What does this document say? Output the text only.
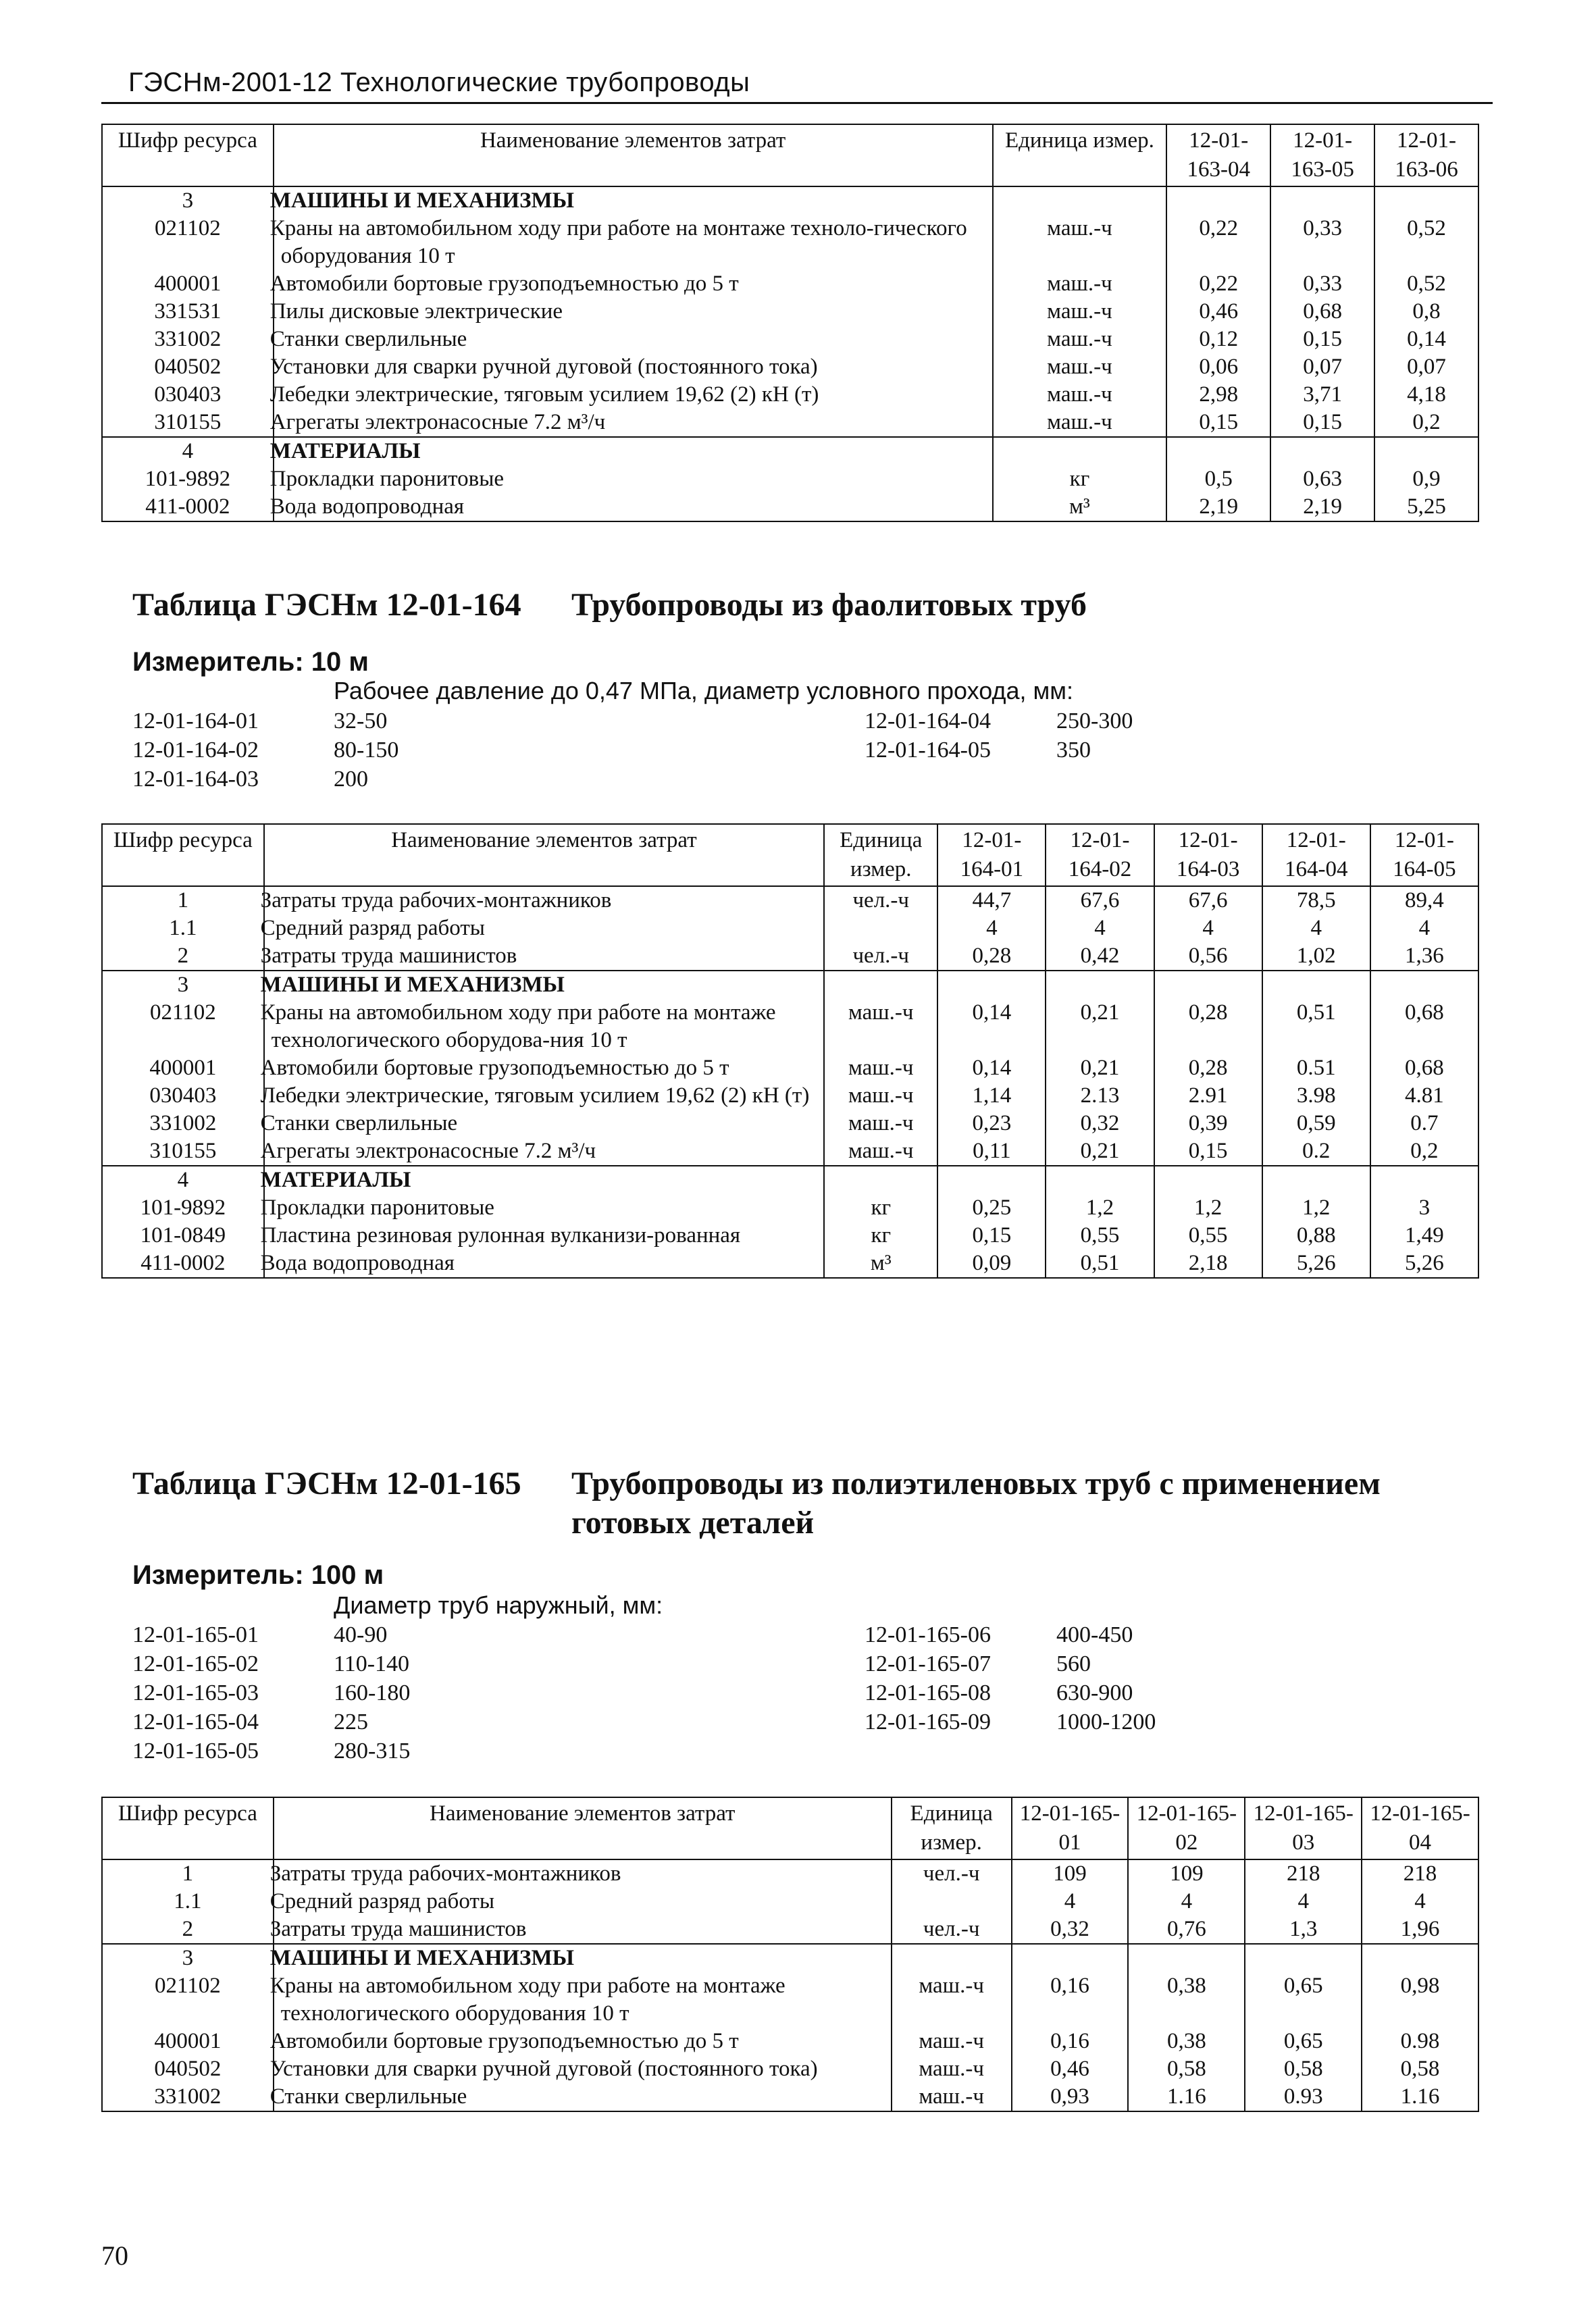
ГЭСНм-2001-12 Технологические трубопроводы
Шифр ресурса	Наименование элементов затрат	Единица измер.	12-01-163-04	12-01-163-05	12-01-163-06
3	МАШИНЫ И МЕХАНИЗМЫ				
021102	Краны на автомобильном ходу при работе на монтаже техноло-гического оборудования 10 т	маш.-ч	0,22	0,33	0,52
400001	Автомобили бортовые грузоподъемностью до 5 т	маш.-ч	0,22	0,33	0,52
331531	Пилы дисковые электрические	маш.-ч	0,46	0,68	0,8
331002	Станки сверлильные	маш.-ч	0,12	0,15	0,14
040502	Установки для сварки ручной дуговой (постоянного тока)	маш.-ч	0,06	0,07	0,07
030403	Лебедки электрические, тяговым усилием 19,62 (2) кН (т)	маш.-ч	2,98	3,71	4,18
310155	Агрегаты электронасосные 7.2 м³/ч	маш.-ч	0,15	0,15	0,2
4	МАТЕРИАЛЫ				
101-9892	Прокладки паронитовые	кг	0,5	0,63	0,9
411-0002	Вода водопроводная	м³	2,19	2,19	5,25
Таблица ГЭСНм 12-01-164 Трубопроводы из фаолитовых труб
Измеритель: 10 м
Рабочее давление до 0,47 МПа, диаметр условного прохода, мм:
12-01-164-01	32-50
12-01-164-02	80-150
12-01-164-03	200
12-01-164-04	250-300
12-01-164-05	350
Шифр ресурса	Наименование элементов затрат	Единица измер.	12-01-164-01	12-01-164-02	12-01-164-03	12-01-164-04	12-01-164-05
1	Затраты труда рабочих-монтажников	чел.-ч	44,7	67,6	67,6	78,5	89,4
1.1	Средний разряд работы		4	4	4	4	4
2	Затраты труда машинистов	чел.-ч	0,28	0,42	0,56	1,02	1,36
3	МАШИНЫ И МЕХАНИЗМЫ						
021102	Краны на автомобильном ходу при работе на монтаже технологического оборудова-ния 10 т	маш.-ч	0,14	0,21	0,28	0,51	0,68
400001	Автомобили бортовые грузоподъемностью до 5 т	маш.-ч	0,14	0,21	0,28	0.51	0,68
030403	Лебедки электрические, тяговым усилием 19,62 (2) кН (т)	маш.-ч	1,14	2.13	2.91	3.98	4.81
331002	Станки сверлильные	маш.-ч	0,23	0,32	0,39	0,59	0.7
310155	Агрегаты электронасосные 7.2 м³/ч	маш.-ч	0,11	0,21	0,15	0.2	0,2
4	МАТЕРИАЛЫ						
101-9892	Прокладки паронитовые	кг	0,25	1,2	1,2	1,2	3
101-0849	Пластина резиновая рулонная вулканизи-рованная	кг	0,15	0,55	0,55	0,88	1,49
411-0002	Вода водопроводная	м³	0,09	0,51	2,18	5,26	5,26
Таблица ГЭСНм 12-01-165 Трубопроводы из полиэтиленовых труб с применением готовых деталей
Измеритель: 100 м
Диаметр труб наружный, мм:
12-01-165-01	40-90
12-01-165-02	110-140
12-01-165-03	160-180
12-01-165-04	225
12-01-165-05	280-315
12-01-165-06	400-450
12-01-165-07	560
12-01-165-08	630-900
12-01-165-09	1000-1200
Шифр ресурса	Наименование элементов затрат	Единица измер.	12-01-165-01	12-01-165-02	12-01-165-03	12-01-165-04
1	Затраты труда рабочих-монтажников	чел.-ч	109	109	218	218
1.1	Средний разряд работы		4	4	4	4
2	Затраты труда машинистов	чел.-ч	0,32	0,76	1,3	1,96
3	МАШИНЫ И МЕХАНИЗМЫ					
021102	Краны на автомобильном ходу при работе на монтаже технологического оборудования 10 т	маш.-ч	0,16	0,38	0,65	0,98
400001	Автомобили бортовые грузоподъемностью до 5 т	маш.-ч	0,16	0,38	0,65	0.98
040502	Установки для сварки ручной дуговой (постоянного тока)	маш.-ч	0,46	0,58	0,58	0,58
331002	Станки сверлильные	маш.-ч	0,93	1.16	0.93	1.16
70
